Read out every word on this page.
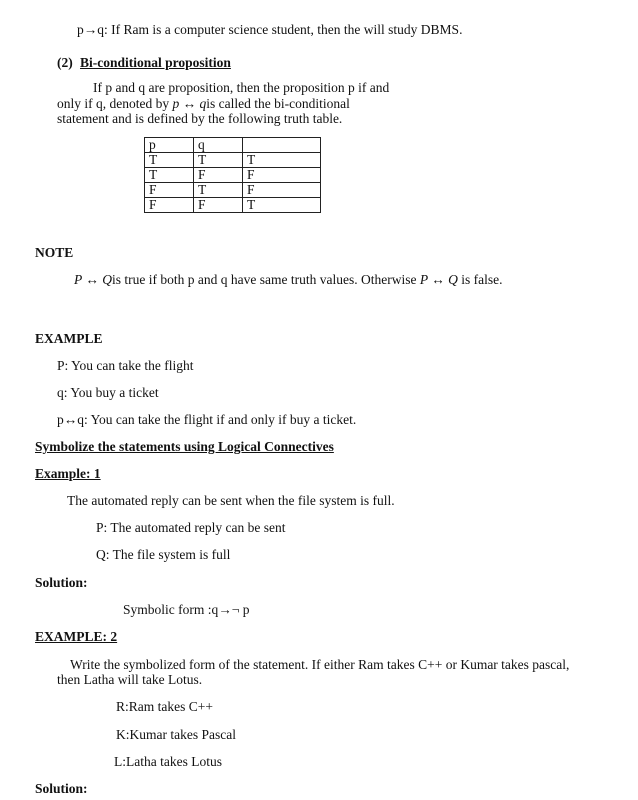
p→q: If Ram is a computer science student, then the will study DBMS.
(2) Bi-conditional proposition
If p and q are proposition, then the proposition p if and
only if q, denoted by p ↔ qis called the bi-conditional
statement and is defined by the following truth table.
p	q	
T	T	T
T	F	F
F	T	F
F	F	T
NOTE
P ↔ Qis true if both p and q have same truth values. Otherwise P ↔ Q is false.
EXAMPLE
P: You can take the flight
q: You buy a ticket
p↔q: You can take the flight if and only if buy a ticket.
Symbolize the statements using Logical Connectives
Example: 1
The automated reply can be sent when the file system is full.
P: The automated reply can be sent
Q: The file system is full
Solution:
Symbolic form :q→¬ p
EXAMPLE: 2
Write the symbolized form of the statement. If either Ram takes C++ or Kumar takes pascal,
then Latha will take Lotus.
R:Ram takes C++
K:Kumar takes Pascal
L:Latha takes Lotus
Solution:
